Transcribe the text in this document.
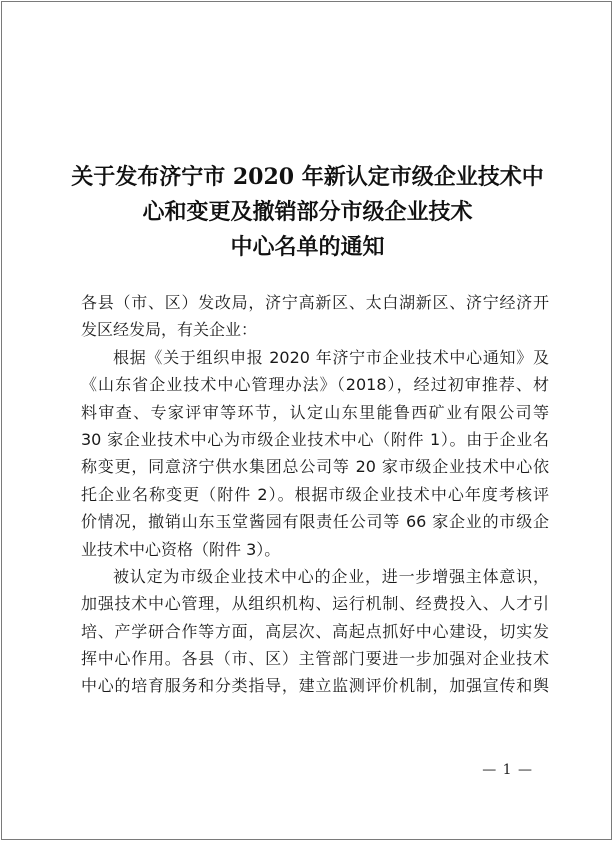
关于发布济宁市 2020 年新认定市级企业技术中
心和变更及撤销部分市级企业技术
中心名单的通知
各县（市、区）发改局，济宁高新区、太白湖新区、济宁经济开
发区经发局，有关企业：
根据《关于组织申报 2020 年济宁市企业技术中心通知》及
《山东省企业技术中心管理办法》（2018），经过初审推荐、材
料审查、专家评审等环节，认定山东里能鲁西矿业有限公司等
30 家企业技术中心为市级企业技术中心（附件 1）。由于企业名
称变更，同意济宁供水集团总公司等 20 家市级企业技术中心依
托企业名称变更（附件 2）。根据市级企业技术中心年度考核评
价情况，撤销山东玉堂酱园有限责任公司等 66 家企业的市级企
业技术中心资格（附件 3）。
被认定为市级企业技术中心的企业，进一步增强主体意识，
加强技术中心管理，从组织机构、运行机制、经费投入、人才引
培、产学研合作等方面，高层次、高起点抓好中心建设，切实发
挥中心作用。各县（市、区）主管部门要进一步加强对企业技术
中心的培育服务和分类指导，建立监测评价机制，加强宣传和舆
— 1 —
